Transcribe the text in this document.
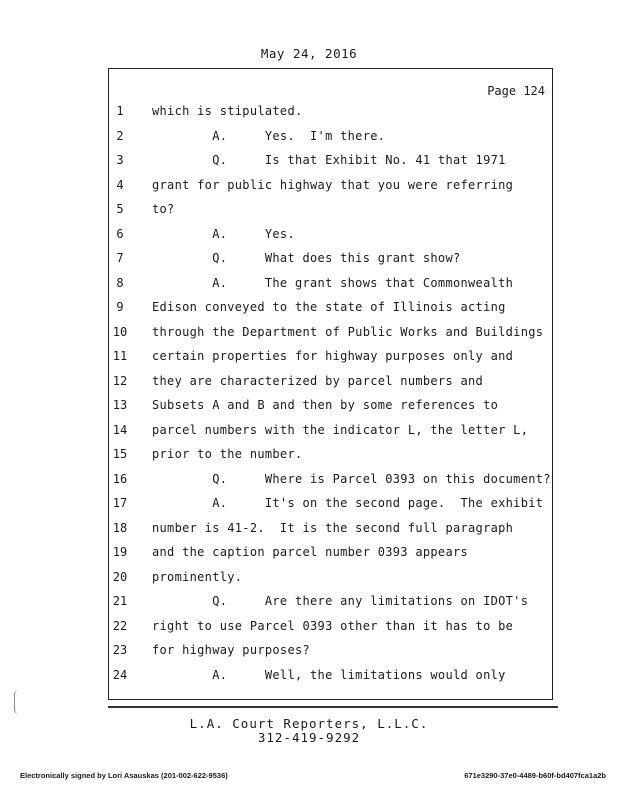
May 24, 2016
Page 124
1	which is stipulated.
2	A.     Yes.  I'm there.
3	Q.     Is that Exhibit No. 41 that 1971
4	grant for public highway that you were referring
5	to?
6	A.     Yes.
7	Q.     What does this grant show?
8	A.     The grant shows that Commonwealth
9	Edison conveyed to the state of Illinois acting
10	through the Department of Public Works and Buildings
11	certain properties for highway purposes only and
12	they are characterized by parcel numbers and
13	Subsets A and B and then by some references to
14	parcel numbers with the indicator L, the letter L,
15	prior to the number.
16	Q.     Where is Parcel 0393 on this document?
17	A.     It's on the second page.  The exhibit
18	number is 41-2.  It is the second full paragraph
19	and the caption parcel number 0393 appears
20	prominently.
21	Q.     Are there any limitations on IDOT's
22	right to use Parcel 0393 other than it has to be
23	for highway purposes?
24	A.     Well, the limitations would only
L.A. Court Reporters, L.L.C.
312-419-9292
Electronically signed by Lori Asauskas (201-002-622-9536)	671e3290-37e0-4489-b60f-bd407fca1a2b
